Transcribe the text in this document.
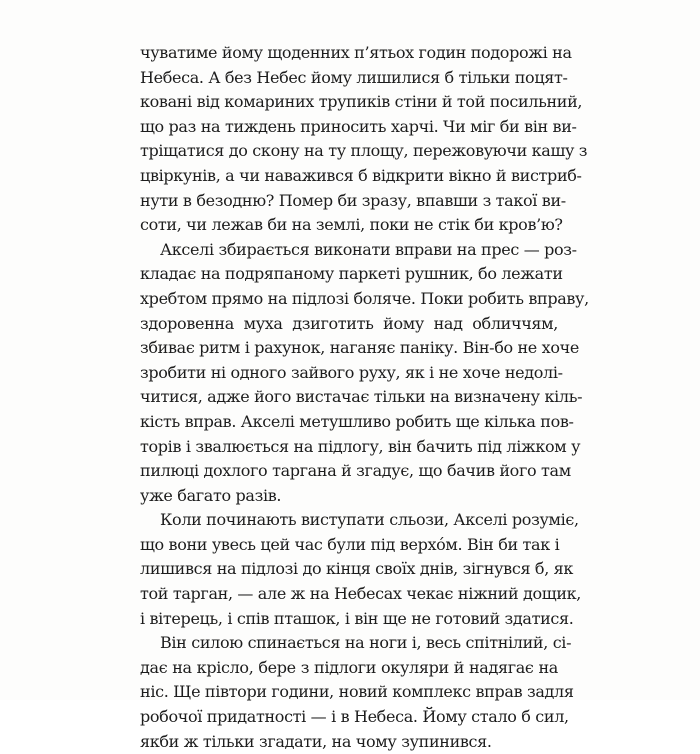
чуватиме йому щоденних п’ятьох годин подорожі на
Небеса. А без Небес йому лишилися б тільки поцят-
ковані від комариних трупиків стіни й той посильний,
що раз на тиждень приносить харчі. Чи міг би він ви-
тріщатися до скону на ту площу, пережовуючи кашу з
цвіркунів, а чи наважився б відкрити вікно й вистриб-
нути в безодню? Помер би зразу, впавши з такої ви-
соти, чи лежав би на землі, поки не стік би кров’ю?
Акселі збирається виконати вправи на прес — роз-
кладає на подряпаному паркеті рушник, бо лежати
хребтом прямо на підлозі боляче. Поки робить вправу,
здоровенна муха дзиготить йому над обличчям,
збиває ритм і рахунок, наганяє паніку. Він-бо не хоче
зробити ні одного зайвого руху, як і не хоче недолі-
читися, адже його вистачає тільки на визначену кіль-
кість вправ. Акселі метушливо робить ще кілька пов-
торів і звалюється на підлогу, він бачить під ліжком у
пилюці дохлого таргана й згадує, що бачив його там
уже багато разів.
Коли починають виступати сльози, Акселі розуміє,
що вони увесь цей час були під верхóм. Він би так і
лишився на підлозі до кінця своїх днів, зігнувся б, як
той тарган, — але ж на Небесах чекає ніжний дощик,
і вітерець, і спів пташок, і він ще не готовий здатися.
Він силою спинається на ноги і, весь спітнілий, сі-
дає на крісло, бере з підлоги окуляри й надягає на
ніс. Ще півтори години, новий комплекс вправ задля
робочої придатності — і в Небеса. Йому стало б сил,
якби ж тільки згадати, на чому зупинився.
